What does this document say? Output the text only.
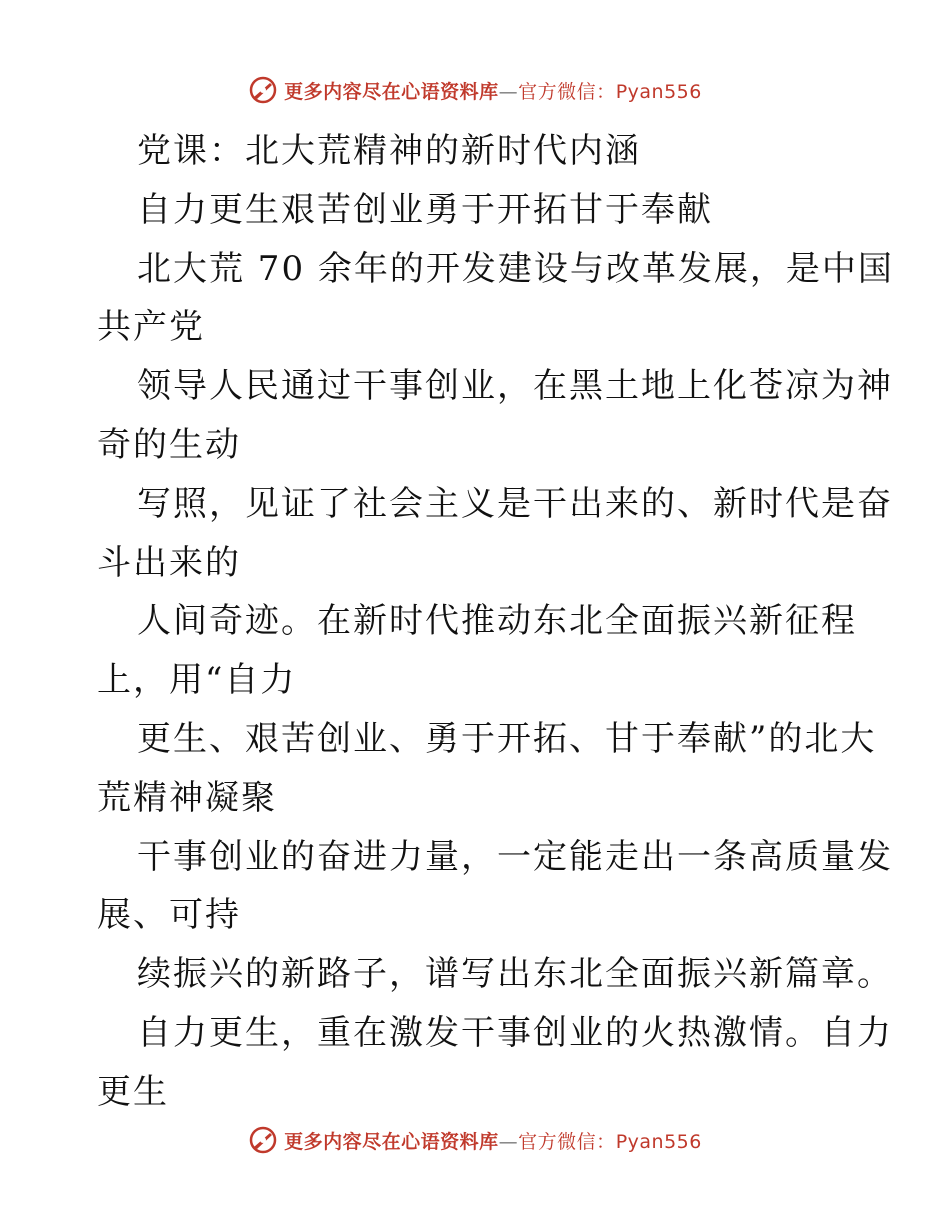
更多内容尽在心语资料库—官方微信：Pyan556
党课：北大荒精神的新时代内涵
自力更生艰苦创业勇于开拓甘于奉献
北大荒 70 余年的开发建设与改革发展，是中国
共产党
领导人民通过干事创业，在黑土地上化苍凉为神
奇的生动
写照，见证了社会主义是干出来的、新时代是奋
斗出来的
人间奇迹。在新时代推动东北全面振兴新征程
上，用“自力
更生、艰苦创业、勇于开拓、甘于奉献”的北大
荒精神凝聚
干事创业的奋进力量，一定能走出一条高质量发
展、可持
续振兴的新路子，谱写出东北全面振兴新篇章。
自力更生，重在激发干事创业的火热激情。自力
更生
更多内容尽在心语资料库—官方微信：Pyan556
